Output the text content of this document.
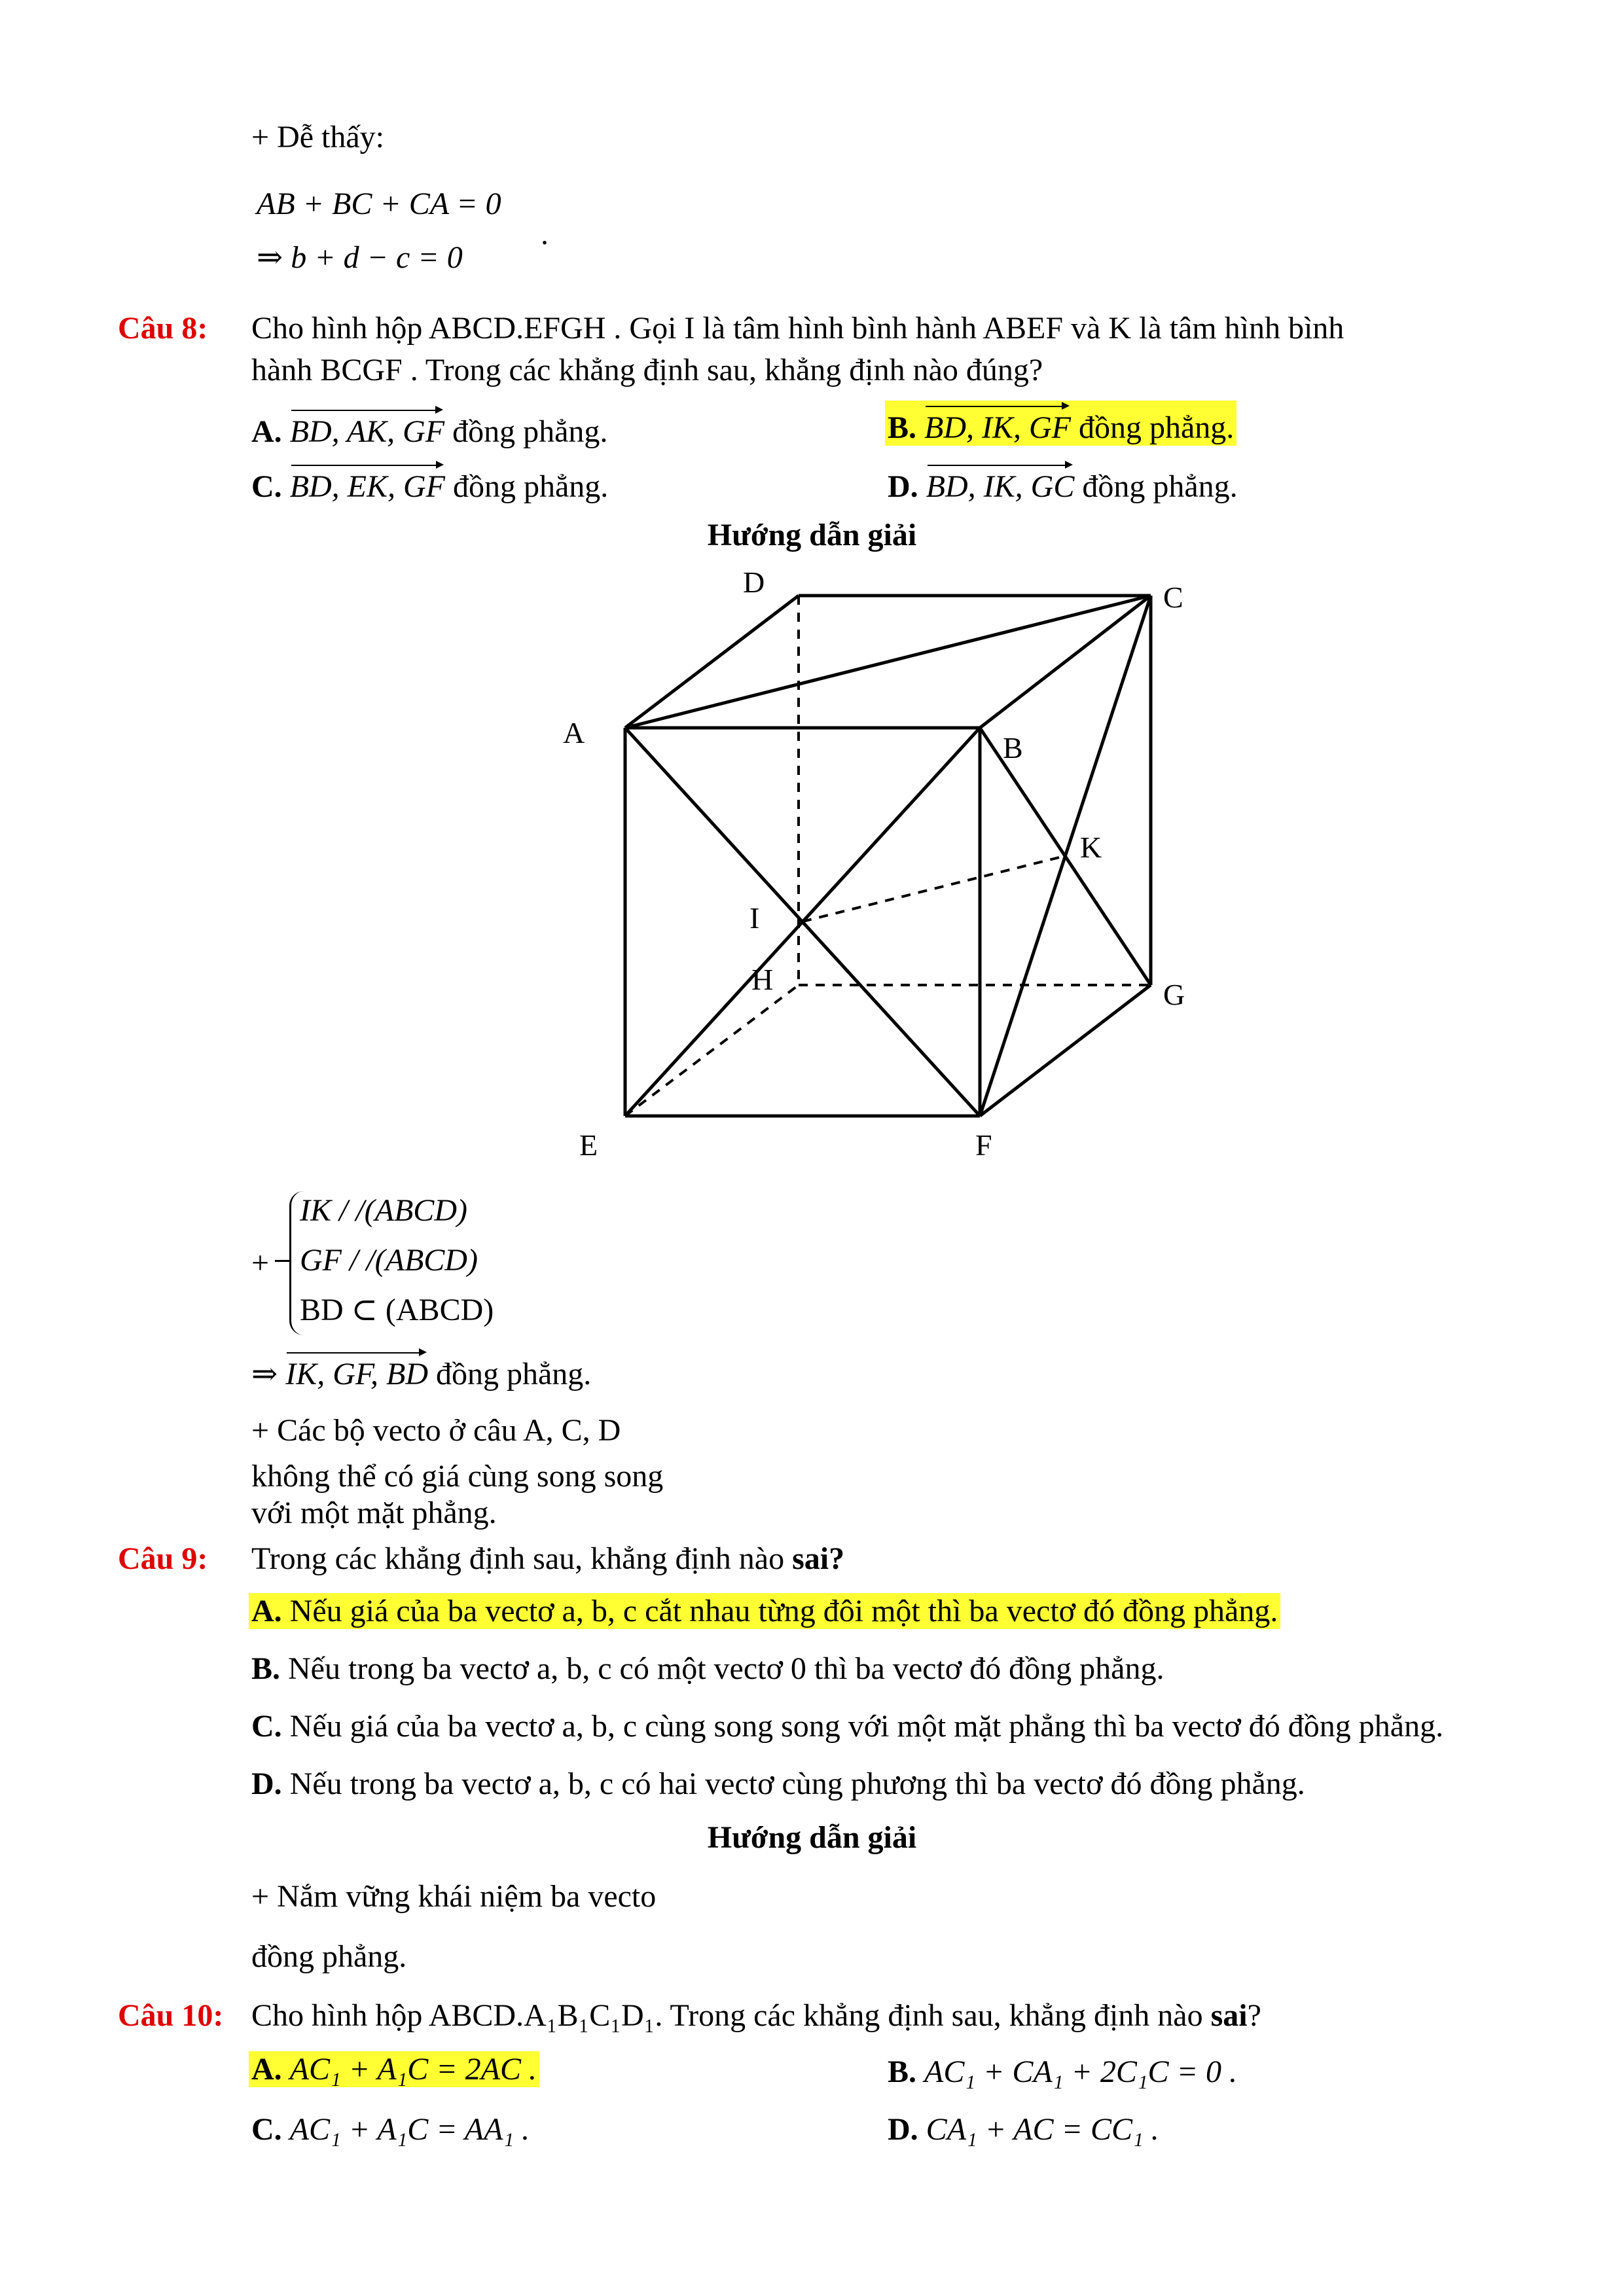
+ Dễ thấy:
AB + BC + CA = 0
⇒ b + d − c = 0
.
Câu 8: Cho hình hộp ABCD.EFGH . Gọi I là tâm hình bình hành ABEF và K là tâm hình bình
hành BCGF . Trong các khẳng định sau, khẳng định nào đúng?
A. BD, AK, GF đồng phẳng.	B. BD, IK, GF đồng phẳng.
C. BD, EK, GF đồng phẳng.	D. BD, IK, GC đồng phẳng.
Hướng dẫn giải
D	C
A	B
K
I
H	G
E	F
+
IK / /(ABCD)
GF / /(ABCD)
BD ⊂ (ABCD)
⇒ IK, GF, BD đồng phẳng.
+ Các bộ vecto ở câu A, C, D
không thể có giá cùng song song
với một mặt phẳng.
Câu 9: Trong các khẳng định sau, khẳng định nào sai?
A. Nếu giá của ba vectơ a, b, c cắt nhau từng đôi một thì ba vectơ đó đồng phẳng.
B. Nếu trong ba vectơ a, b, c có một vectơ 0 thì ba vectơ đó đồng phẳng.
C. Nếu giá của ba vectơ a, b, c cùng song song với một mặt phẳng thì ba vectơ đó đồng phẳng.
D. Nếu trong ba vectơ a, b, c có hai vectơ cùng phương thì ba vectơ đó đồng phẳng.
Hướng dẫn giải
+ Nắm vững khái niệm ba vecto
đồng phẳng.
Câu 10: Cho hình hộp ABCD.A₁B₁C₁D₁. Trong các khẳng định sau, khẳng định nào sai?
A. AC₁ + A₁C = 2AC .	B. AC₁ + CA₁ + 2C₁C = 0 .
C. AC₁ + A₁C = AA₁ .	D. CA₁ + AC = CC₁ .
